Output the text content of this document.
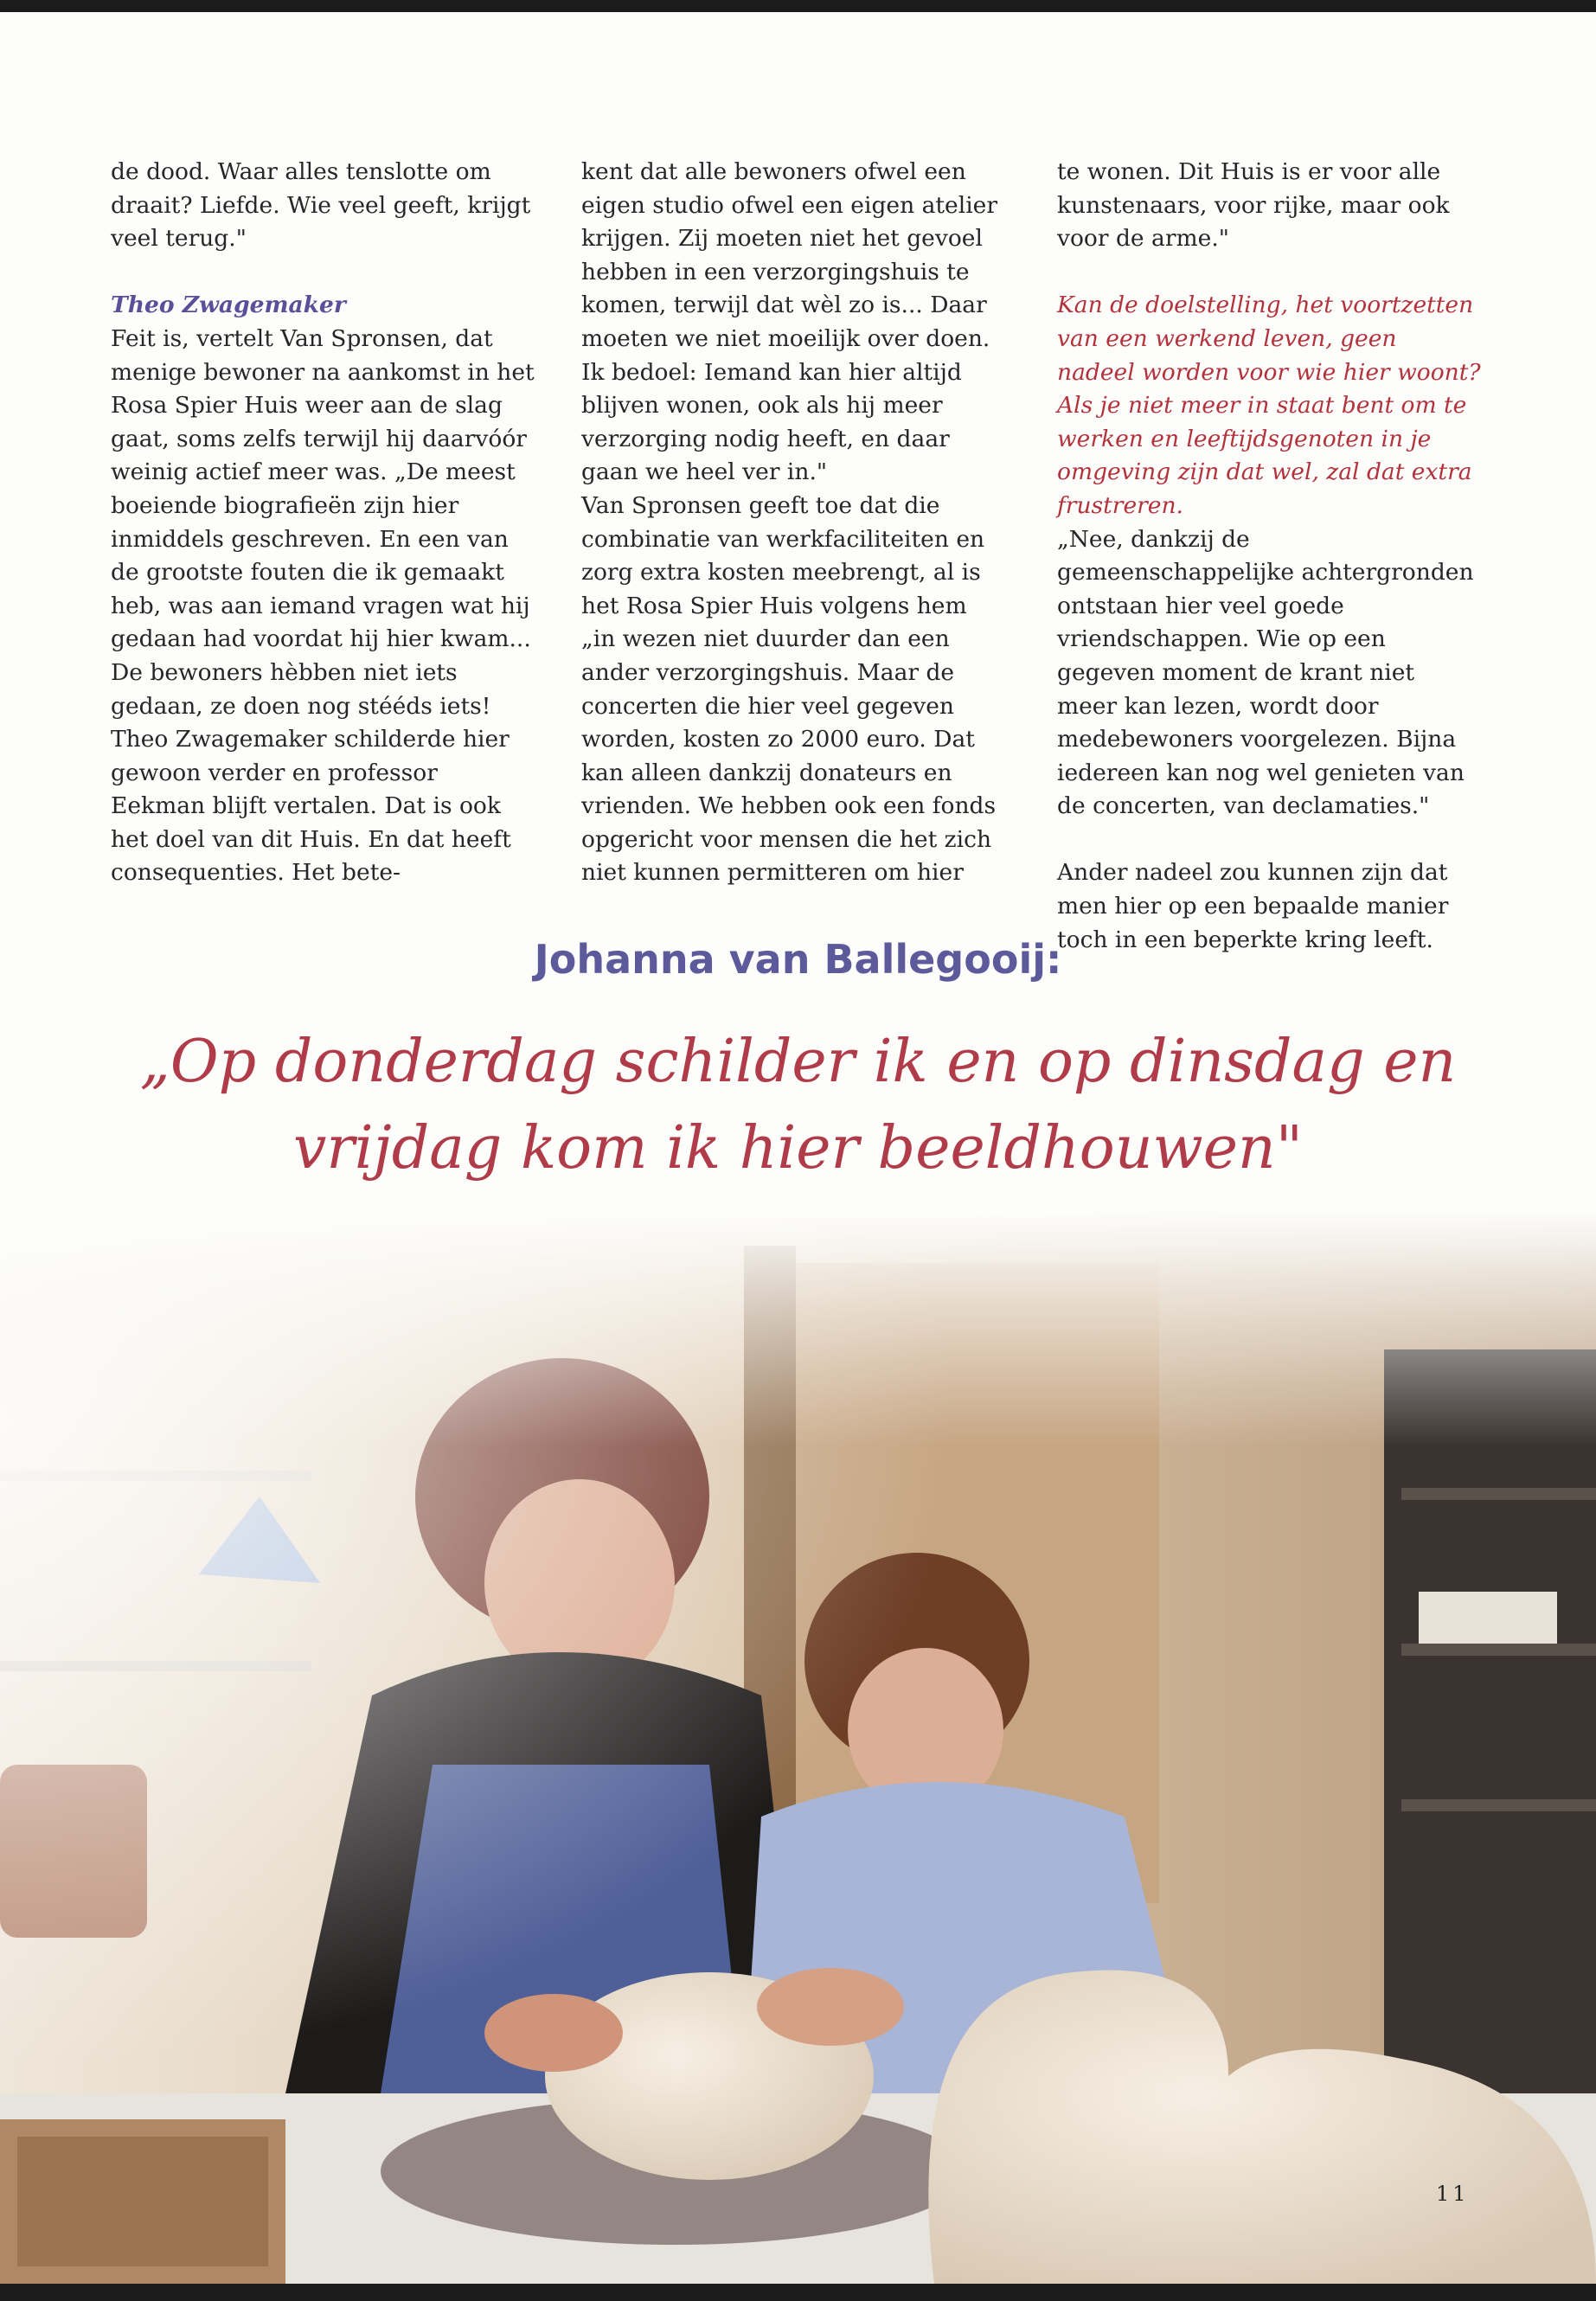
de dood. Waar alles tenslotte om draait? Liefde. Wie veel geeft, krijgt veel terug."

Theo Zwagemaker

Feit is, vertelt Van Spronsen, dat menige bewoner na aankomst in het Rosa Spier Huis weer aan de slag gaat, soms zelfs terwijl hij daarvóór weinig actief meer was. „De meest boeiende biografieën zijn hier inmiddels geschreven. En een van de grootste fouten die ik gemaakt heb, was aan iemand vragen wat hij gedaan had voordat hij hier kwam... De bewoners hèbben niet iets gedaan, ze doen nog stééds iets! Theo Zwagemaker schilderde hier gewoon verder en professor Eekman blijft vertalen. Dat is ook het doel van dit Huis. En dat heeft consequenties. Het bete-

kent dat alle bewoners ofwel een eigen studio ofwel een eigen atelier krijgen. Zij moeten niet het gevoel hebben in een verzorgingshuis te komen, terwijl dat wèl zo is... Daar moeten we niet moeilijk over doen. Ik bedoel: Iemand kan hier altijd blijven wonen, ook als hij meer verzorging nodig heeft, en daar gaan we heel ver in."

Van Spronsen geeft toe dat die combinatie van werkfaciliteiten en zorg extra kosten meebrengt, al is het Rosa Spier Huis volgens hem „in wezen niet duurder dan een ander verzorgingshuis. Maar de concerten die hier veel gegeven worden, kosten zo 2000 euro. Dat kan alleen dankzij donateurs en vrienden. We hebben ook een fonds opgericht voor mensen die het zich niet kunnen permitteren om hier

te wonen. Dit Huis is er voor alle kunstenaars, voor rijke, maar ook voor de arme."

Kan de doelstelling, het voortzetten van een werkend leven, geen nadeel worden voor wie hier woont? Als je niet meer in staat bent om te werken en leeftijdsgenoten in je omgeving zijn dat wel, zal dat extra frustreren.

„Nee, dankzij de gemeenschappelijke achtergronden ontstaan hier veel goede vriendschappen. Wie op een gegeven moment de krant niet meer kan lezen, wordt door medebewoners voorgelezen. Bijna iedereen kan nog wel genieten van de concerten, van declamaties."

Ander nadeel zou kunnen zijn dat men hier op een bepaalde manier toch in een beperkte kring leeft.

Johanna van Ballegooij:
„Op donderdag schilder ik en op dinsdag en
vrijdag kom ik hier beeldhouwen"
11
